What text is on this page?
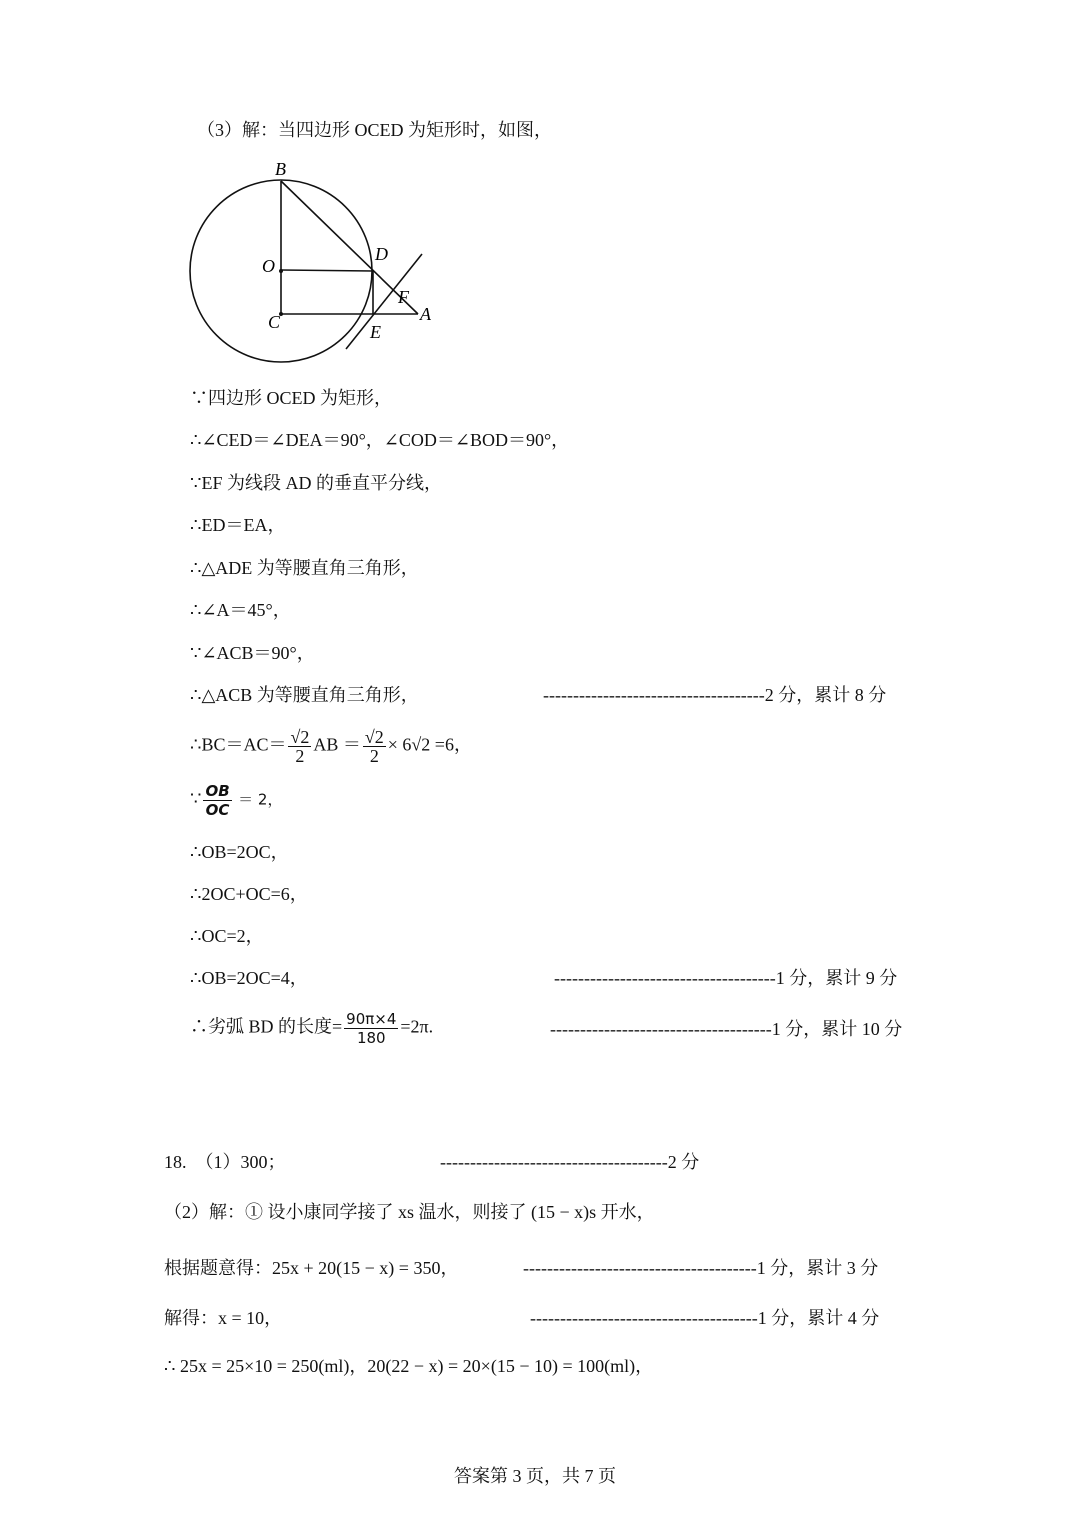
（3）解：当四边形 OCED 为矩形时，如图，
B
O
D
F
A
C	E
∵四边形 OCED 为矩形，
∴∠CED＝∠DEA＝90°，∠COD＝∠BOD＝90°，
∵EF 为线段 AD 的垂直平分线，
∴ED＝EA，
∴△ADE 为等腰直角三角形，
∴∠A＝45°，
∵∠ACB＝90°，
∴△ACB 为等腰直角三角形，	-------------------------------------2 分，累计 8 分
∴BC＝AC＝ $\frac{√2}{2}$ AB ＝ $\frac{√2}{2} \times 6√2 =6$，
∵ $\frac{OB}{OC} = 2$，
∴OB=2OC，
∴2OC+OC=6，
∴OC=2，
∴OB=2OC=4，	-------------------------------------1 分，累计 9 分
∴劣弧 BD 的长度= $\frac{90\pi\times 4}{180} =2\pi$.	-------------------------------------1 分，累计 10 分
18.　（1）300；	--------------------------------------2 分
（2）解：① 设小康同学接了 xs 温水，则接了 (15 − x)s 开水，
根据题意得：25x + 20(15 − x) = 350，	---------------------------------------1 分，累计 3 分
解得：x = 10，	--------------------------------------1 分，累计 4 分
∴ 25x = 25×10 = 250(ml)，20(22 − x) = 20×(15 − 10) = 100(ml)，
答案第 3 页，共 7 页
